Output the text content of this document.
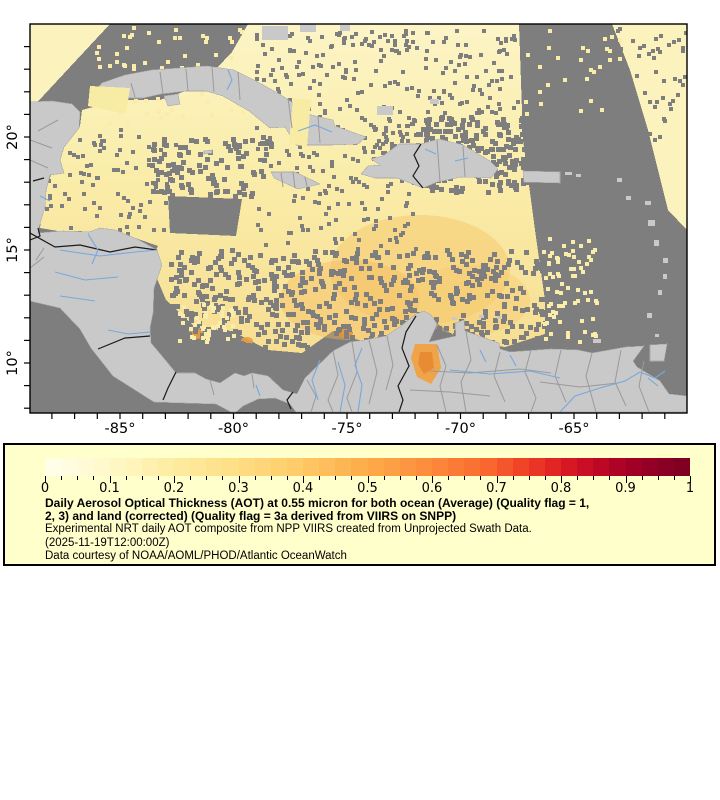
10°
15°
20°
-85°	-80°	-75°	-70°	-65°
0	0.1	0.2	0.3	0.4	0.5	0.6	0.7	0.8	0.9	1
Daily Aerosol Optical Thickness (AOT) at 0.55 micron for both ocean (Average) (Quality flag = 1,
2, 3) and land (corrected) (Quality flag = 3a derived from VIIRS on SNPP)
Experimental NRT daily AOT composite from NPP VIIRS created from Unprojected Swath Data.
(2025-11-19T12:00:00Z)
Data courtesy of NOAA/AOML/PHOD/Atlantic OceanWatch
